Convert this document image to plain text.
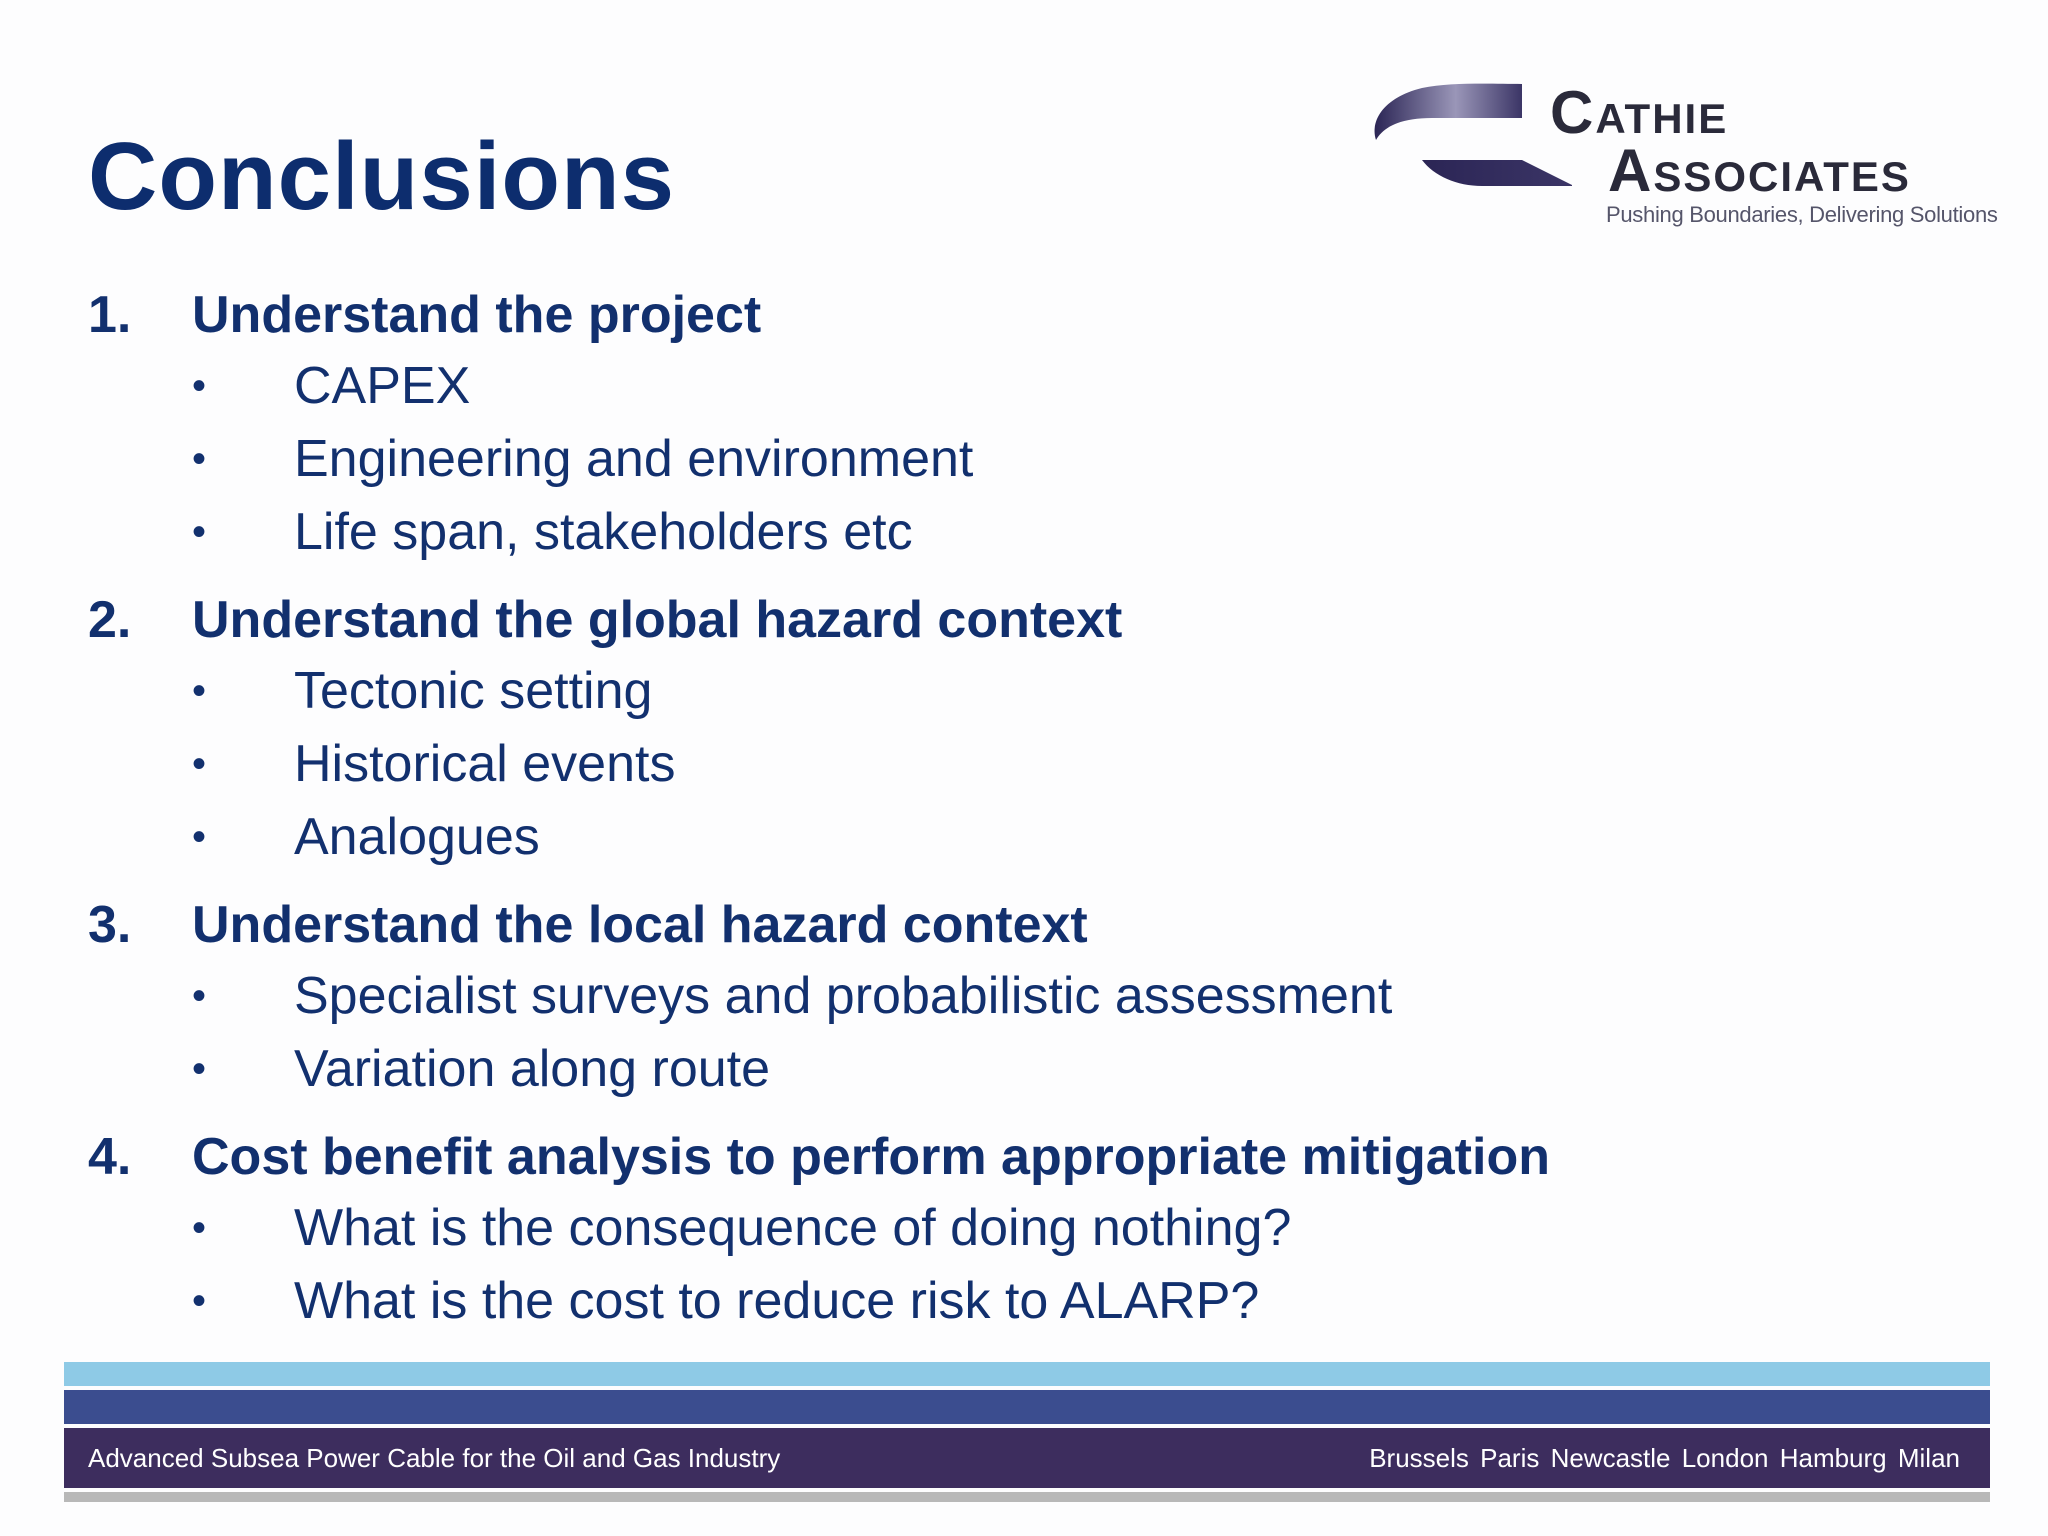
Conclusions
Cathie
Associates
Pushing Boundaries, Delivering Solutions
1. Understand the project
• CAPEX
• Engineering and environment
• Life span, stakeholders etc
2. Understand the global hazard context
• Tectonic setting
• Historical events
• Analogues
3. Understand the local hazard context
• Specialist surveys and probabilistic assessment
• Variation along route
4. Cost benefit analysis to perform appropriate mitigation
• What is the consequence of doing nothing?
• What is the cost to reduce risk to ALARP?
Advanced Subsea Power Cable for the Oil and Gas Industry	Brussels Paris Newcastle London Hamburg Milan
